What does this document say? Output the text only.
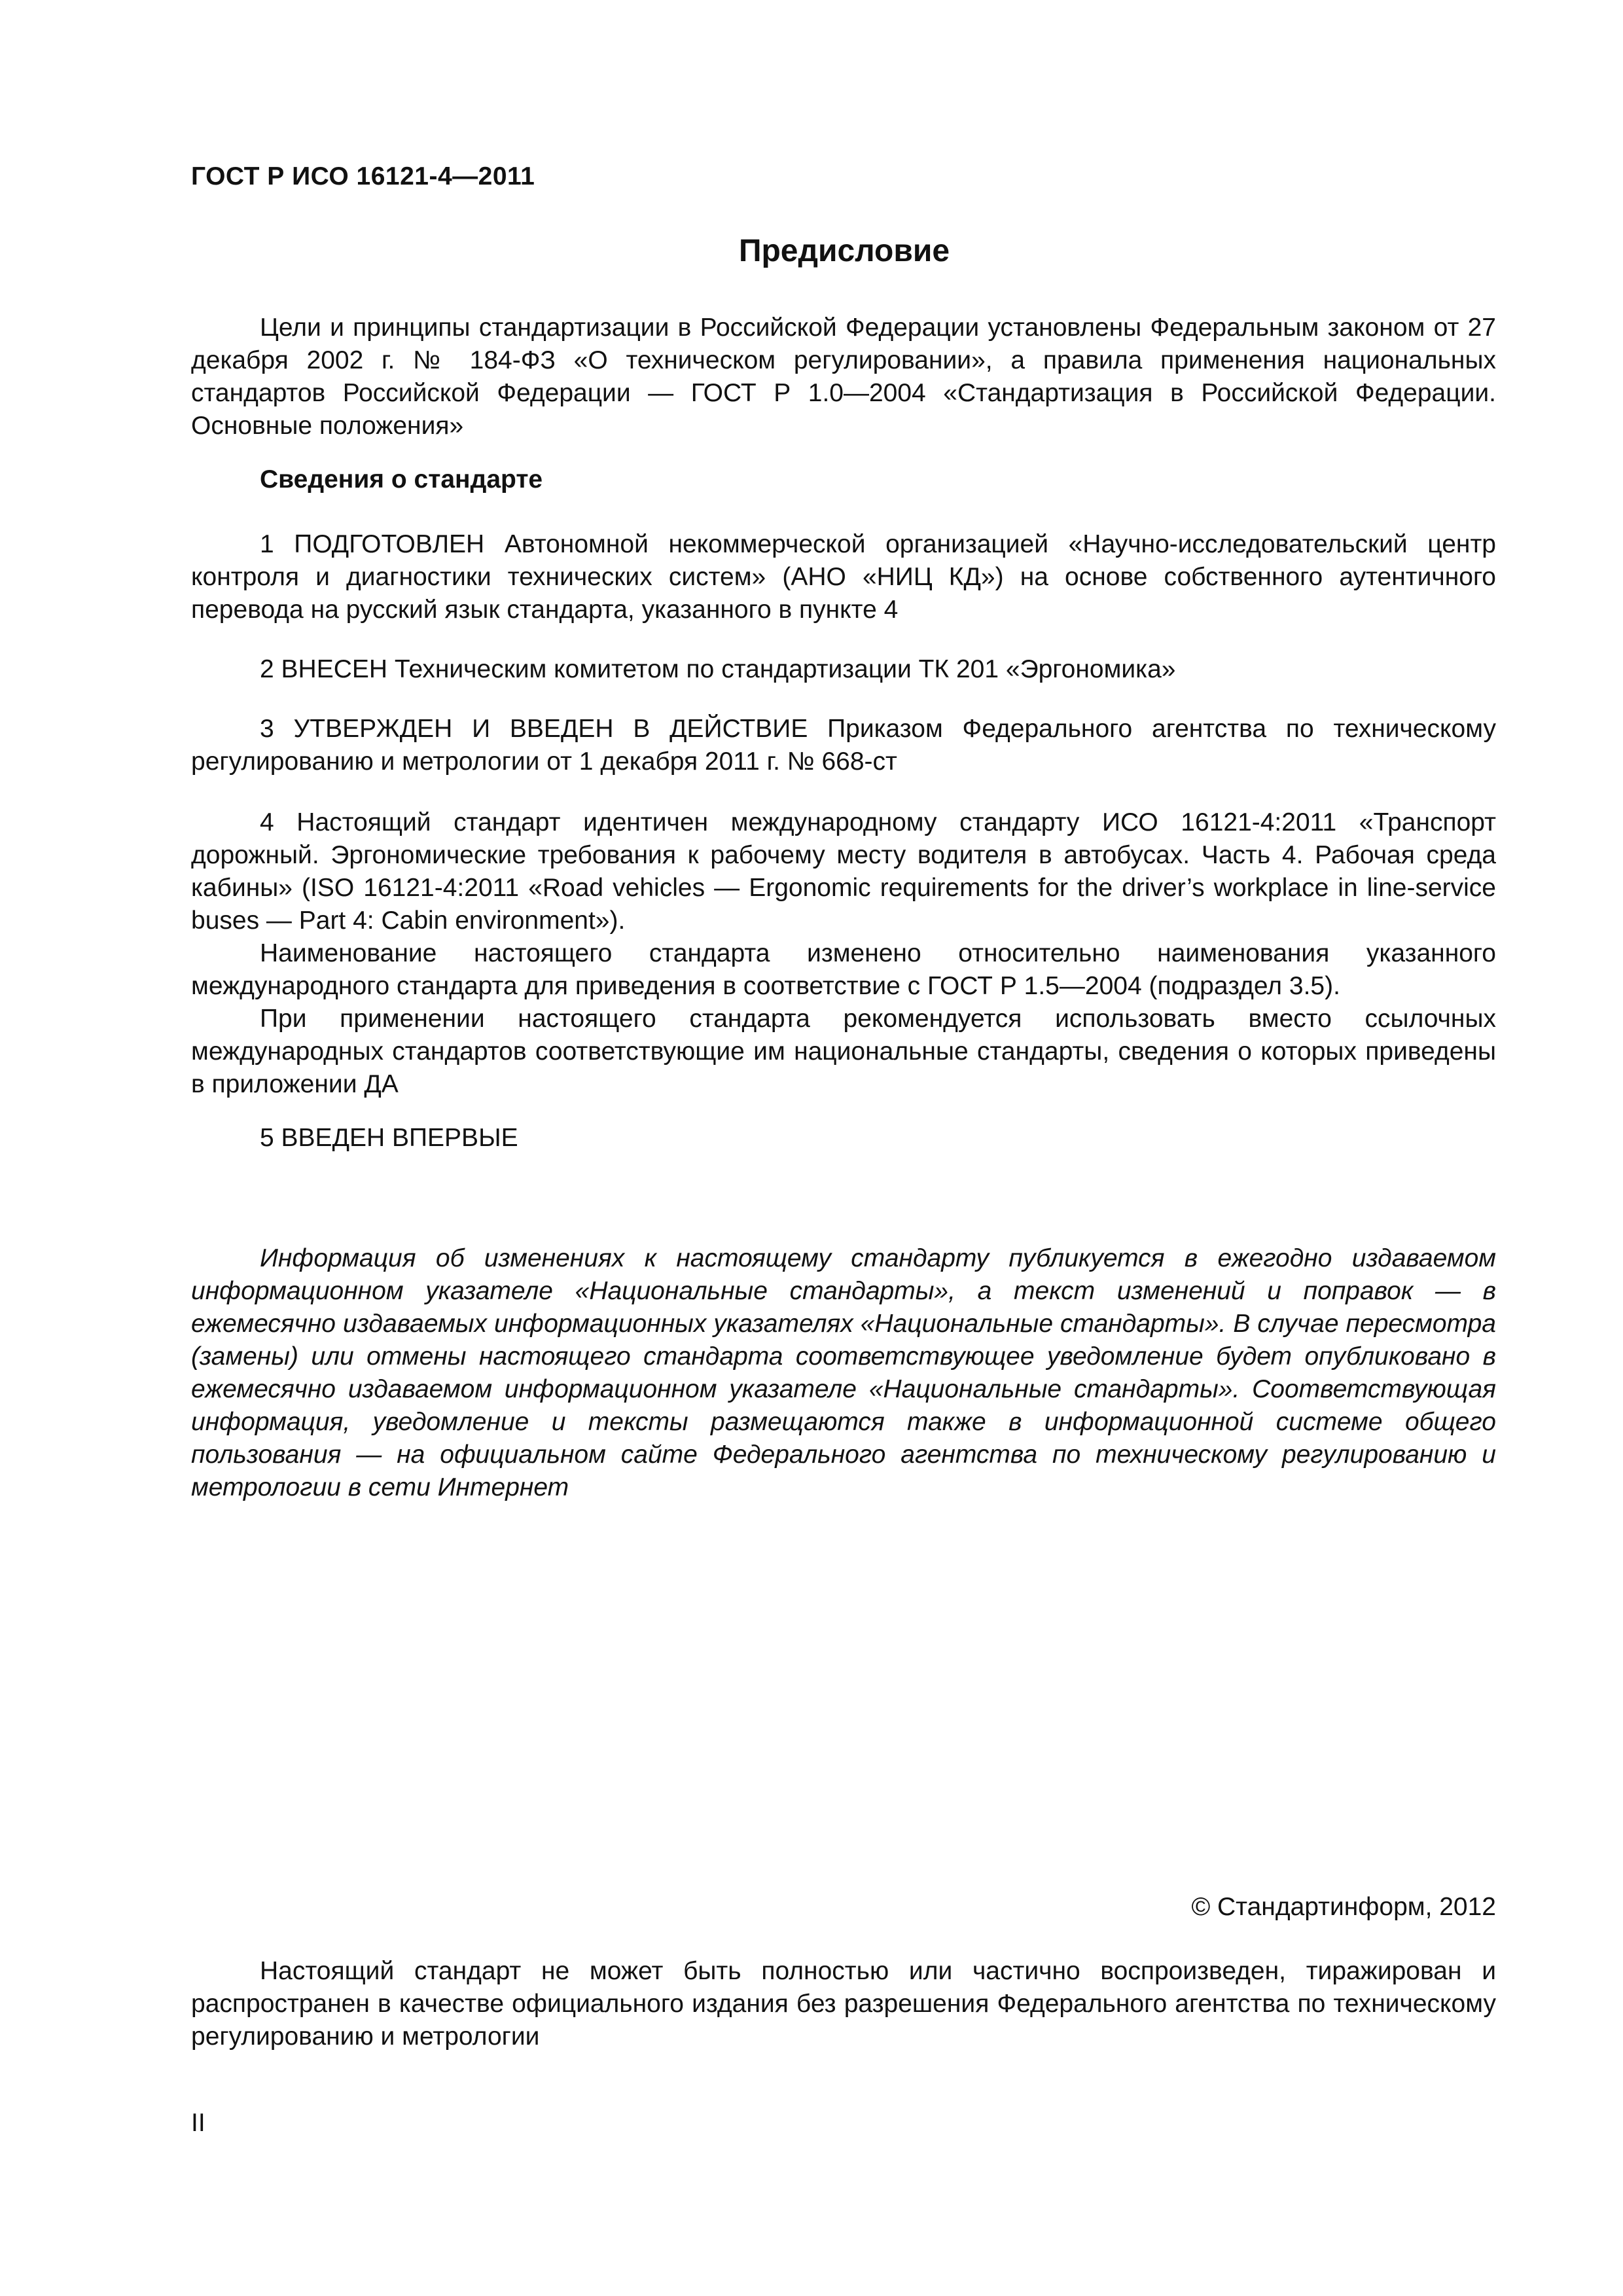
ГОСТ Р ИСО 16121-4—2011
Предисловие

Цели и принципы стандартизации в Российской Федерации установлены Федеральным законом от 27 декабря 2002 г. № 184-ФЗ «О техническом регулировании», а правила применения национальных стандартов Российской Федерации — ГОСТ Р 1.0—2004 «Стандартизация в Российской Федерации. Основные положения»

Сведения о стандарте

1 ПОДГОТОВЛЕН Автономной некоммерческой организацией «Научно-исследовательский центр контроля и диагностики технических систем» (АНО «НИЦ КД») на основе собственного аутентичного перевода на русский язык стандарта, указанного в пункте 4

2 ВНЕСЕН Техническим комитетом по стандартизации ТК 201 «Эргономика»

3 УТВЕРЖДЕН И ВВЕДЕН В ДЕЙСТВИЕ Приказом Федерального агентства по техническому регулированию и метрологии от 1 декабря 2011 г. № 668-ст

4 Настоящий стандарт идентичен международному стандарту ИСО 16121-4:2011 «Транспорт дорожный. Эргономические требования к рабочему месту водителя в автобусах. Часть 4. Рабочая среда кабины» (ISO 16121-4:2011 «Road vehicles — Ergonomic requirements for the driver’s workplace in line-service buses — Part 4: Cabin environment»).

Наименование настоящего стандарта изменено относительно наименования указанного международного стандарта для приведения в соответствие с ГОСТ Р 1.5—2004 (подраздел 3.5).

При применении настоящего стандарта рекомендуется использовать вместо ссылочных международных стандартов соответствующие им национальные стандарты, сведения о которых приведены в приложении ДА

5 ВВЕДЕН ВПЕРВЫЕ

Информация об изменениях к настоящему стандарту публикуется в ежегодно издаваемом информационном указателе «Национальные стандарты», а текст изменений и поправок — в ежемесячно издаваемых информационных указателях «Национальные стандарты». В случае пересмотра (замены) или отмены настоящего стандарта соответствующее уведомление будет опубликовано в ежемесячно издаваемом информационном указателе «Национальные стандарты». Соответствующая информация, уведомление и тексты размещаются также в информационной системе общего пользования — на официальном сайте Федерального агентства по техническому регулированию и метрологии в сети Интернет

© Стандартинформ, 2012

Настоящий стандарт не может быть полностью или частично воспроизведен, тиражирован и распространен в качестве официального издания без разрешения Федерального агентства по техническому регулированию и метрологии

II
